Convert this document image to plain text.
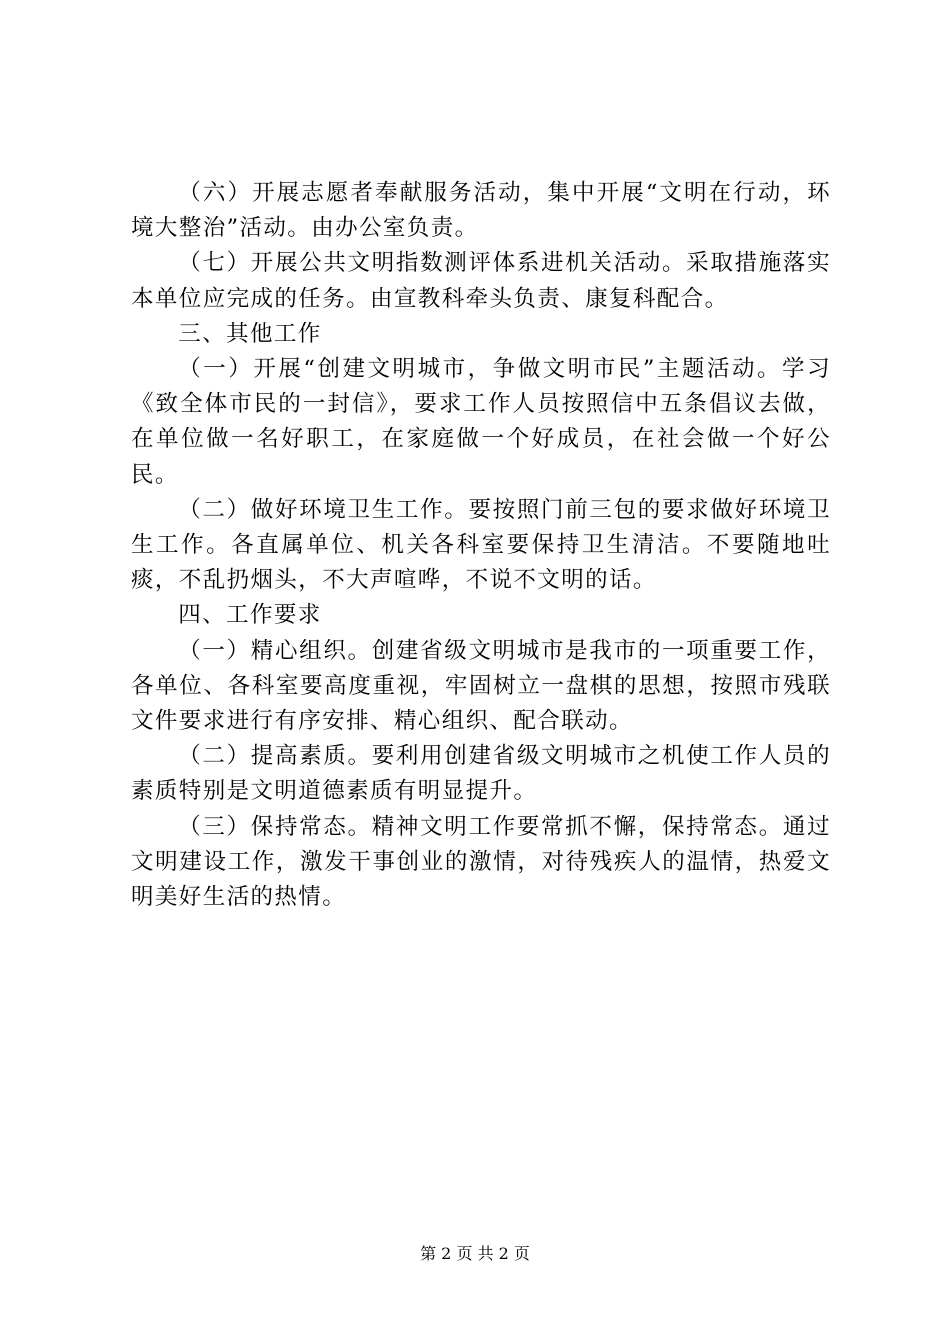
（六）开展志愿者奉献服务活动，集中开展“文明在行动，环境大整治”活动。由办公室负责。

（七）开展公共文明指数测评体系进机关活动。采取措施落实本单位应完成的任务。由宣教科牵头负责、康复科配合。

三、其他工作

（一）开展“创建文明城市，争做文明市民”主题活动。学习《致全体市民的一封信》，要求工作人员按照信中五条倡议去做，在单位做一名好职工，在家庭做一个好成员，在社会做一个好公民。

（二）做好环境卫生工作。要按照门前三包的要求做好环境卫生工作。各直属单位、机关各科室要保持卫生清洁。不要随地吐痰，不乱扔烟头，不大声喧哗，不说不文明的话。

四、工作要求

（一）精心组织。创建省级文明城市是我市的一项重要工作，各单位、各科室要高度重视，牢固树立一盘棋的思想，按照市残联文件要求进行有序安排、精心组织、配合联动。

（二）提高素质。要利用创建省级文明城市之机使工作人员的素质特别是文明道德素质有明显提升。

（三）保持常态。精神文明工作要常抓不懈，保持常态。通过文明建设工作，激发干事创业的激情，对待残疾人的温情，热爱文明美好生活的热情。

第 2 页 共 2 页
